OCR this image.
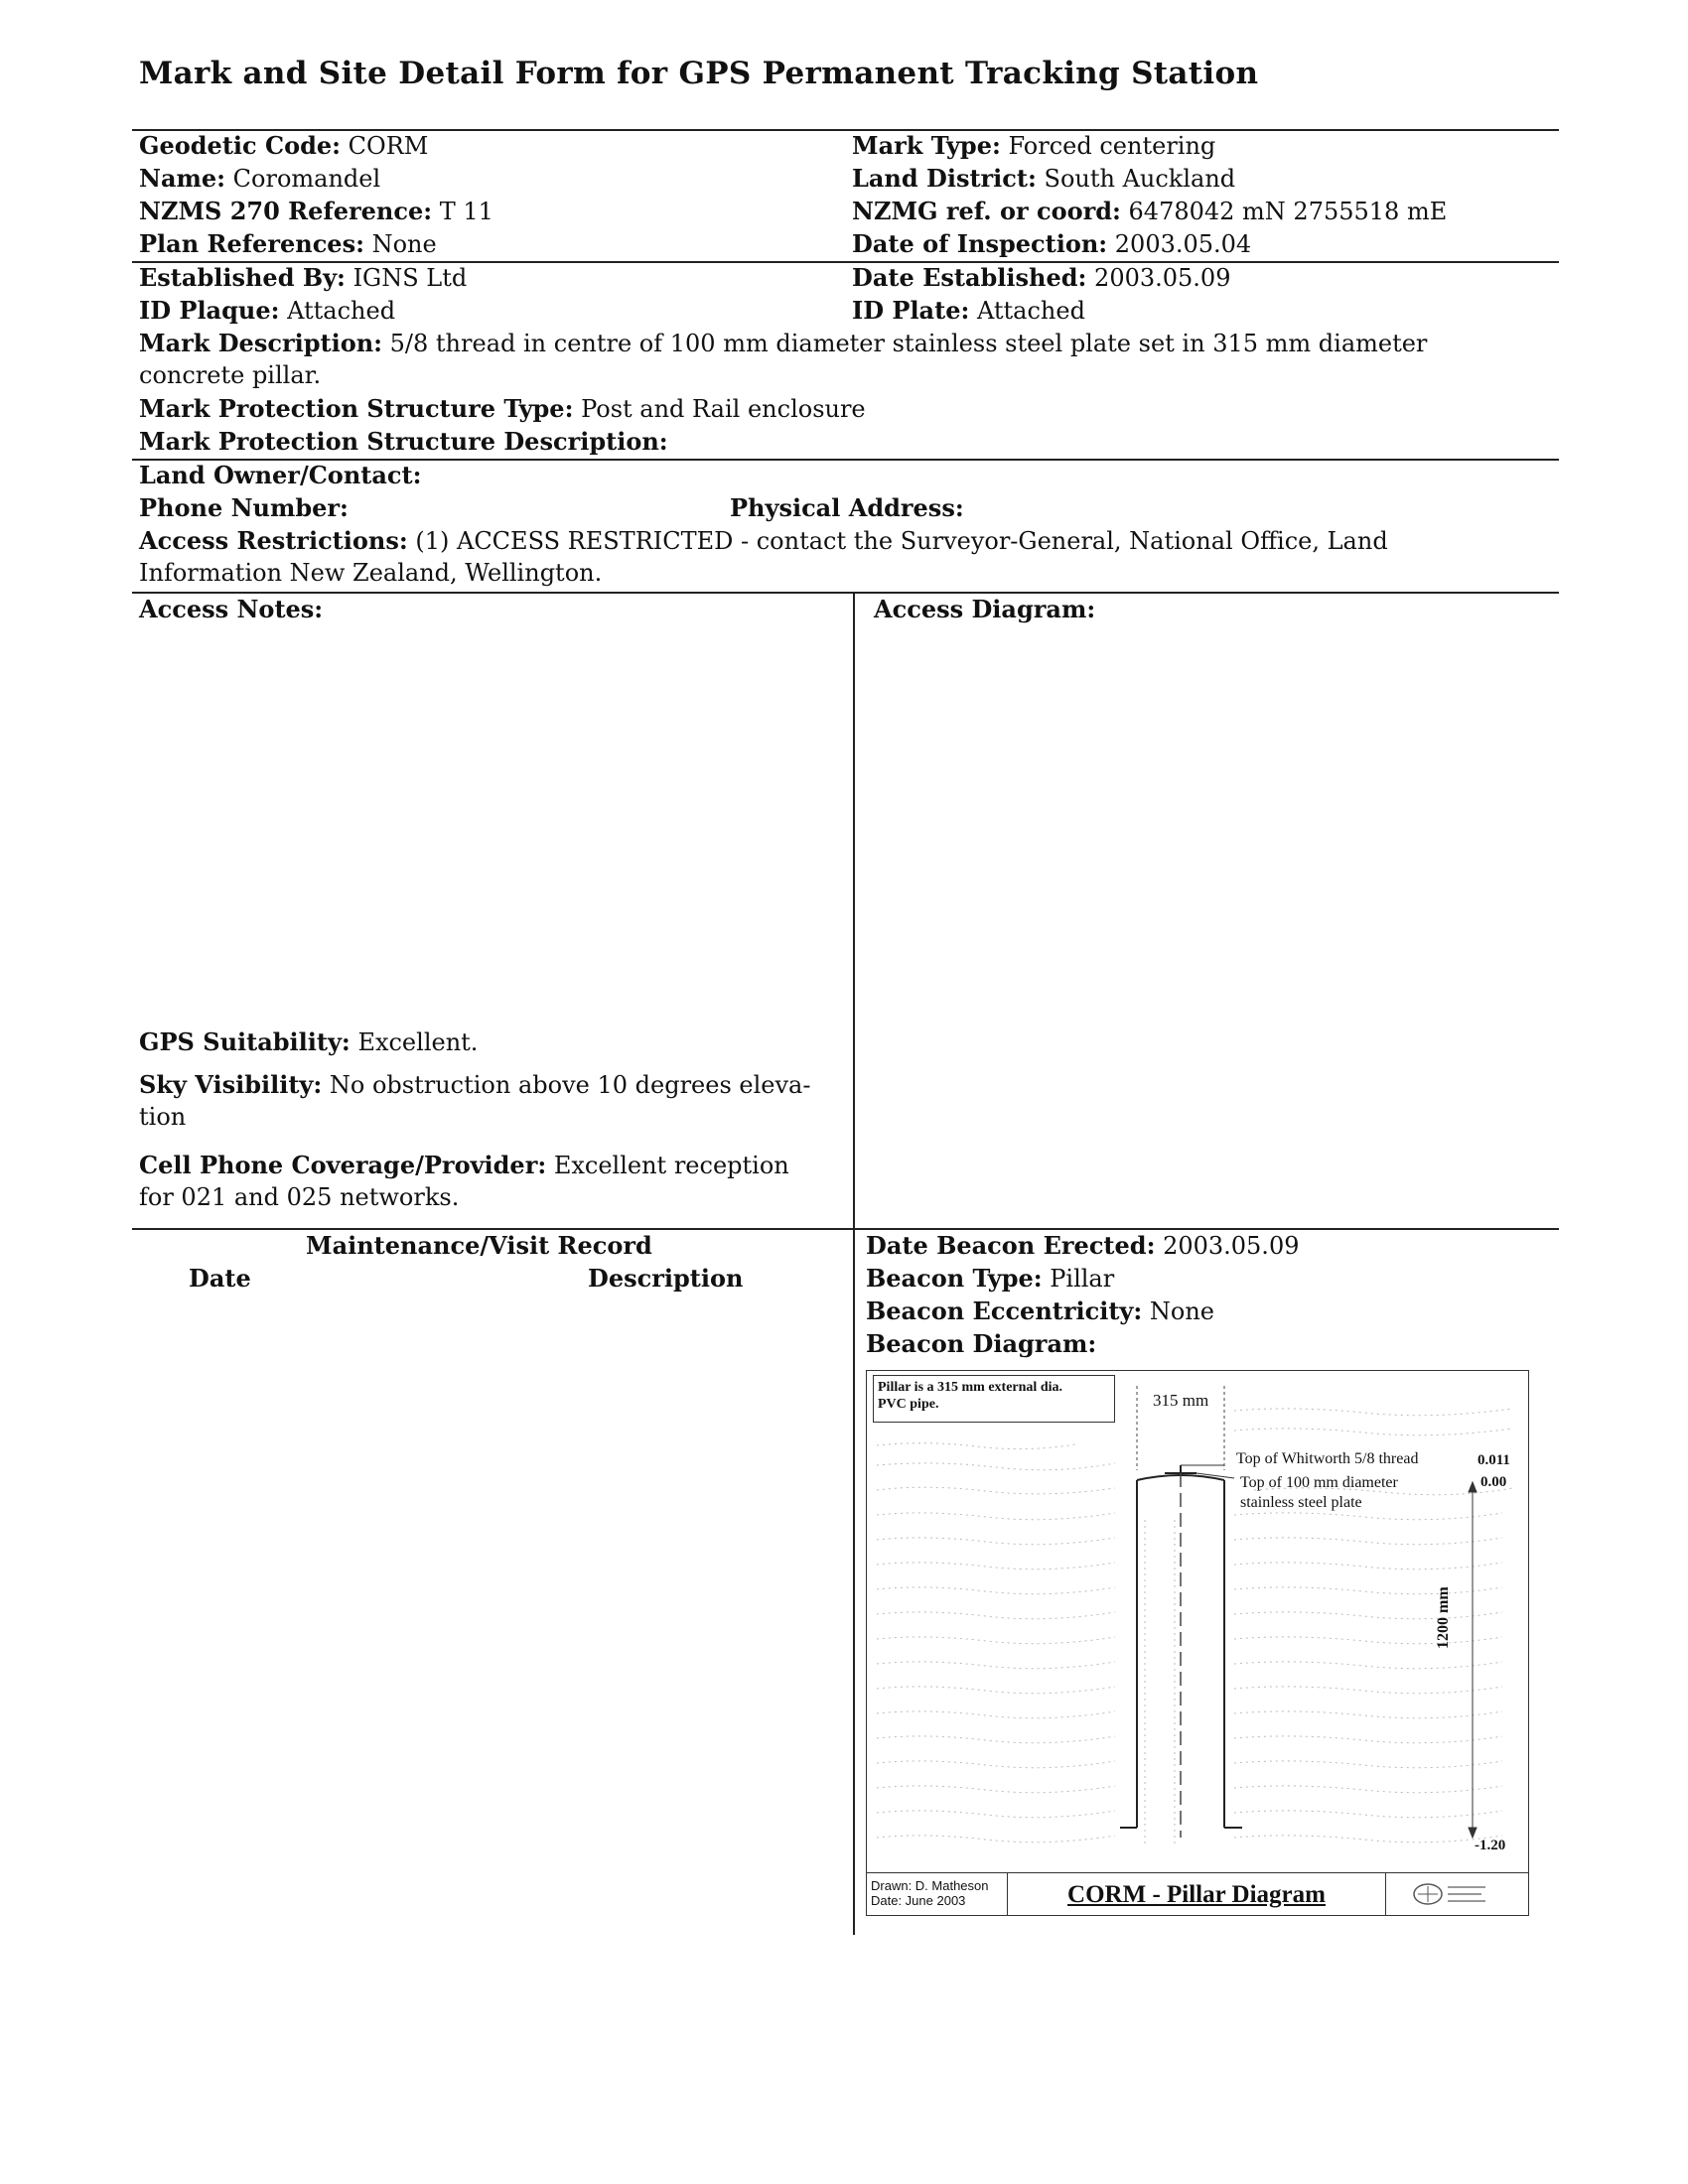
Mark and Site Detail Form for GPS Permanent Tracking Station
Geodetic Code: CORM	Mark Type: Forced centering
Name: Coromandel	Land District: South Auckland
NZMS 270 Reference: T 11	NZMG ref. or coord: 6478042 mN 2755518 mE
Plan References: None	Date of Inspection: 2003.05.04
Established By: IGNS Ltd	Date Established: 2003.05.09
ID Plaque: Attached	ID Plate: Attached
Mark Description: 5/8 thread in centre of 100 mm diameter stainless steel plate set in 315 mm diameter
concrete pillar.
Mark Protection Structure Type: Post and Rail enclosure
Mark Protection Structure Description:
Land Owner/Contact:
Phone Number:	Physical Address:
Access Restrictions: (1) ACCESS RESTRICTED - contact the Surveyor-General, National Office, Land
Information New Zealand, Wellington.
Access Notes:	Access Diagram:
GPS Suitability: Excellent.
Sky Visibility: No obstruction above 10 degrees eleva-
tion
Cell Phone Coverage/Provider: Excellent reception
for 021 and 025 networks.
Maintenance/Visit Record
Date	Description
Date Beacon Erected: 2003.05.09
Beacon Type: Pillar
Beacon Eccentricity: None
Beacon Diagram:
Pillar is a 315 mm external dia.
PVC pipe.	315 mm
Top of Whitworth 5/8 thread	0.011
Top of 100 mm diameter
stainless steel plate
0.00
1200 mm
-1.20
Drawn: D. Matheson
Date: June 2003	CORM - Pillar Diagram
